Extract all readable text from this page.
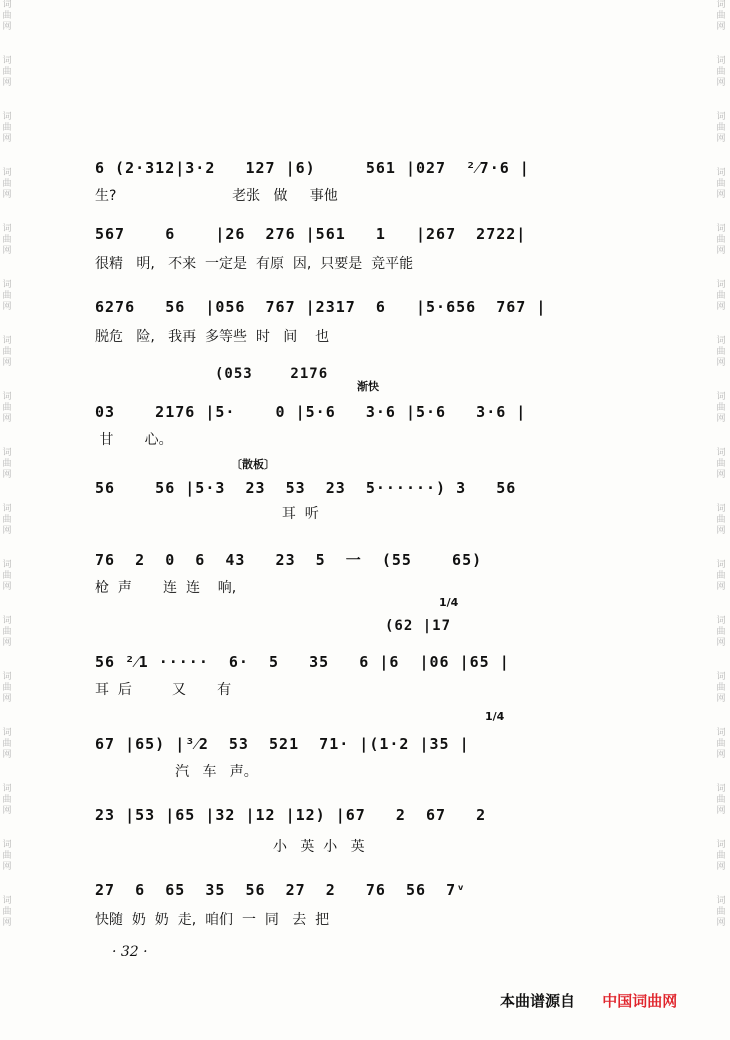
词
曲
网
词
曲
网
词
曲
网
词
曲
网
词
曲
网
词
曲
网
词
曲
网
词
曲
网
词
曲
网
词
曲
网
词
曲
网
词
曲
网
词
曲
网
词
曲
网
词
曲
网
词
曲
网
词
曲
网
词
曲
网
词
曲
网
词
曲
网
词
曲
网
词
曲
网
词
曲
网
词
曲
网
词
曲
网
词
曲
网
词
曲
网
词
曲
网
词
曲
网
词
曲
网
词
曲
网
词
曲
网
词
曲
网
词
曲
网
6 (2·312|3·2   127 |6)     561 |027  ²⁄7·6 |
生?                          老张   做     事他
567    6    |26  276 |561   1   |267  2722|
很精   明,   不来  一定是  有原  因,  只要是  竞平能
6276   56  |056  767 |2317  6   |5·656  767 |
脱危   险,   我再  多等些  时   间    也
(053    2176
渐快
03    2176 |5·    0 |5·6   3·6 |5·6   3·6 |
甘       心。
〔散板〕
56    56 |5·3  23  53  23  5······) 3   56
耳  听
76  2  0  6  43   23  5  一  (55    65)
枪  声       连  连    响,
1/4
(62 |17
56 ²⁄1 ·····  6·  5   35   6 |6  |06 |65 |
耳  后         又       有
1/4
67 |65) |³⁄2  53  521  71· |(1·2 |35 |
汽   车   声。
23 |53 |65 |32 |12 |12) |67   2  67   2
小   英  小   英
27  6  65  35  56  27  2   76  56  7ᵛ
快随  奶  奶  走,  咱们  一  同   去  把
· 32 ·
本曲谱源自 中国词曲网
